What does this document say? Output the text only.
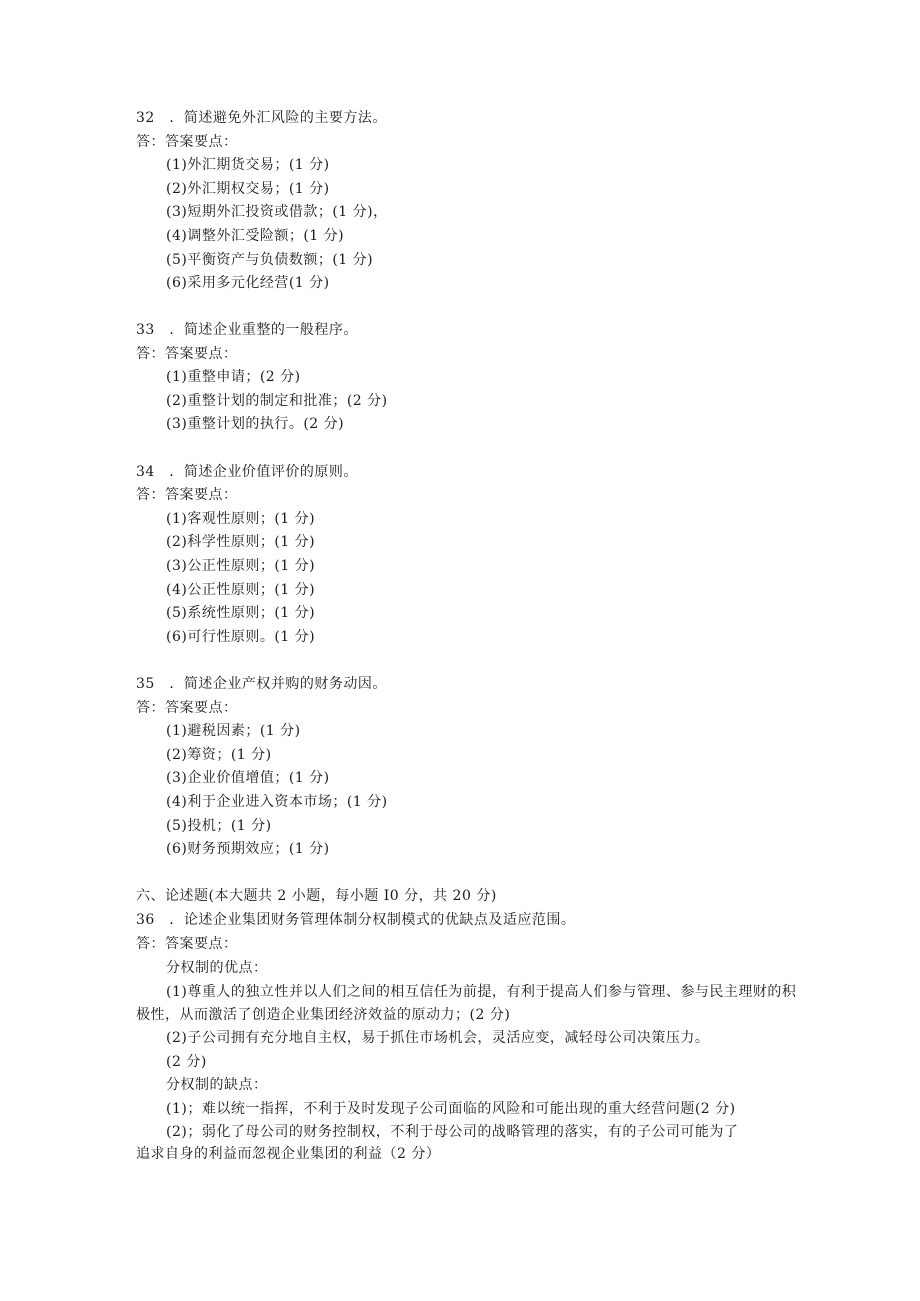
32　．简述避免外汇风险的主要方法。
答：答案要点：
(1)外汇期货交易；(1 分)
(2)外汇期权交易；(1 分)
(3)短期外汇投资或借款；(1 分)，
(4)调整外汇受险额；(1 分)
(5)平衡资产与负债数额；(1 分)
(6)采用多元化经营(1 分)
33　．简述企业重整的一般程序。
答：答案要点：
(1)重整申请；(2 分)
(2)重整计划的制定和批准；(2 分)
(3)重整计划的执行。(2 分)
34　．简述企业价值评价的原则。
答：答案要点：
(1)客观性原则；(1 分)
(2)科学性原则；(1 分)
(3)公正性原则；(1 分)
(4)公正性原则；(1 分)
(5)系统性原则；(1 分)
(6)可行性原则。(1 分)
35　．简述企业产权并购的财务动因。
答：答案要点：
(1)避税因素；(1 分)
(2)筹资；(1 分)
(3)企业价值增值；(1 分)
(4)利于企业进入资本市场；(1 分)
(5)投机；(1 分)
(6)财务预期效应；(1 分)
六、论述题(本大题共 2 小题，每小题 I0 分，共 20 分)
36　．论述企业集团财务管理体制分权制模式的优缺点及适应范围。
答：答案要点：
分权制的优点：
(1)尊重人的独立性并以人们之间的相互信任为前提，有利于提高人们参与管理、参与民主理财的积
极性，从而激活了创造企业集团经济效益的原动力；(2 分)
(2)子公司拥有充分地自主权，易于抓住市场机会，灵活应变，减轻母公司决策压力。
(2 分)
分权制的缺点：
(1)；难以统一指挥，不利于及时发现子公司面临的风险和可能出现的重大经营问题(2 分)
(2)；弱化了母公司的财务控制权，不利于母公司的战略管理的落实，有的子公司可能为了
追求自身的利益而忽视企业集团的利益（2 分）
